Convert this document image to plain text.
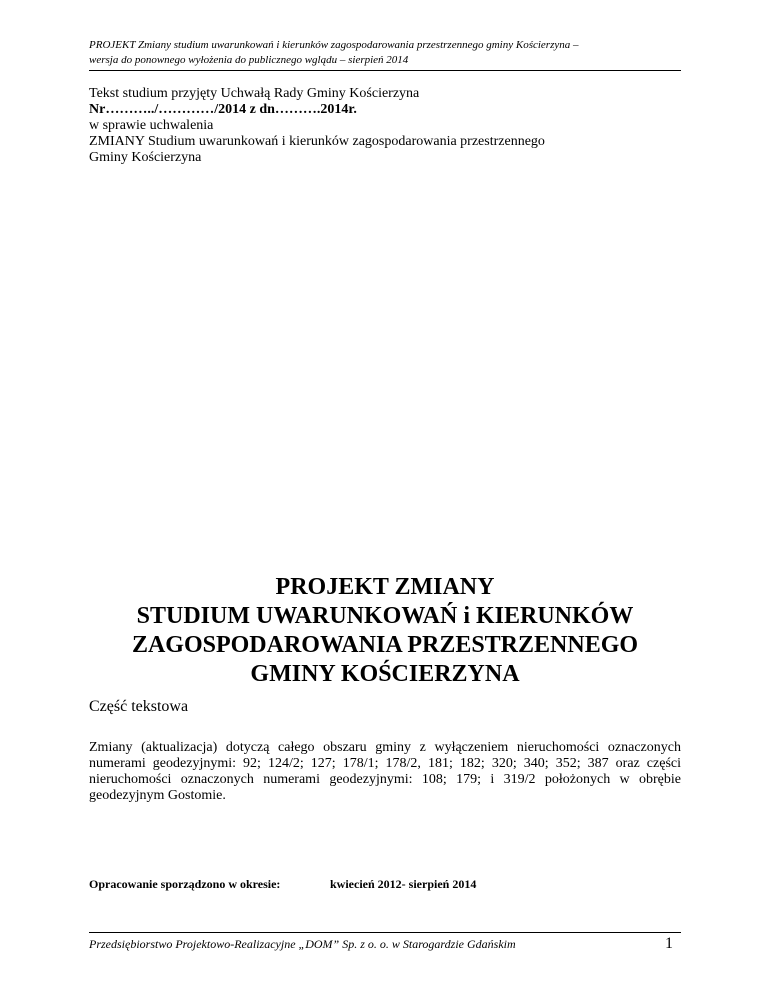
PROJEKT Zmiany studium uwarunkowań i kierunków zagospodarowania przestrzennego gminy Kościerzyna –
wersja do ponownego wyłożenia do publicznego wglądu – sierpień 2014
Tekst studium przyjęty Uchwałą Rady Gminy Kościerzyna
Nr………../…………/2014 z dn……….2014r.
w sprawie uchwalenia
ZMIANY Studium uwarunkowań i kierunków zagospodarowania przestrzennego
Gminy Kościerzyna
PROJEKT ZMIANY
STUDIUM UWARUNKOWAŃ i KIERUNKÓW
ZAGOSPODAROWANIA PRZESTRZENNEGO
GMINY KOŚCIERZYNA
Część tekstowa
Zmiany (aktualizacja) dotyczą całego obszaru gminy z wyłączeniem nieruchomości oznaczonych numerami geodezyjnymi: 92; 124/2; 127; 178/1; 178/2, 181; 182; 320; 340; 352; 387 oraz części nieruchomości oznaczonych numerami geodezyjnymi: 108; 179; i 319/2 położonych w obrębie geodezyjnym Gostomie.
Opracowanie sporządzono w okresie:	kwiecień 2012- sierpień 2014
Przedsiębiorstwo Projektowo-Realizacyjne „DOM” Sp. z o. o. w Starogardzie Gdańskim	1
